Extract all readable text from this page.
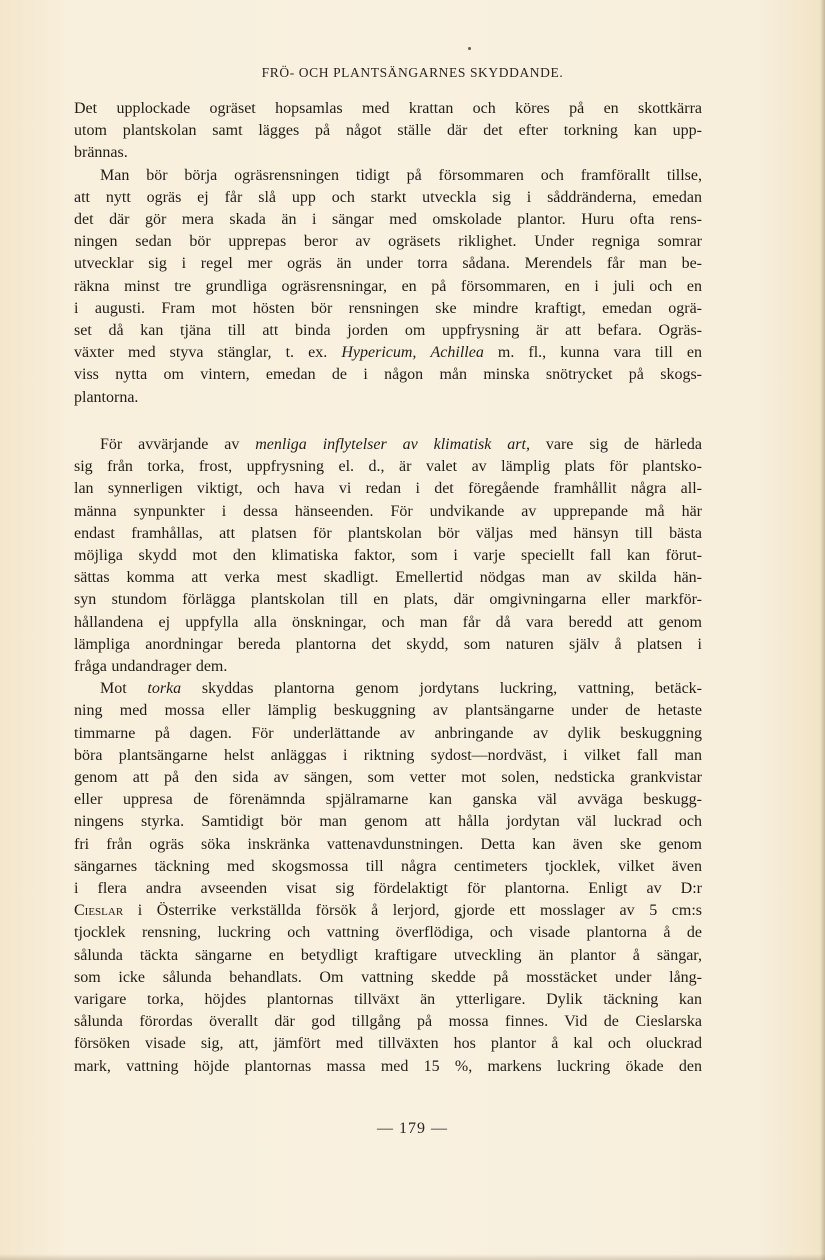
FRÖ- OCH PLANTSÄNGARNES SKYDDANDE.
Det upplockade ogräset hopsamlas med krattan och köres på en skottkärra
utom plantskolan samt lägges på något ställe där det efter torkning kan upp-
brännas.
Man bör börja ogräsrensningen tidigt på försommaren och framförallt tillse,
att nytt ogräs ej får slå upp och starkt utveckla sig i såddränderna, emedan
det där gör mera skada än i sängar med omskolade plantor. Huru ofta rens-
ningen sedan bör upprepas beror av ogräsets riklighet. Under regniga somrar
utvecklar sig i regel mer ogräs än under torra sådana. Merendels får man be-
räkna minst tre grundliga ogräsrensningar, en på försommaren, en i juli och en
i augusti. Fram mot hösten bör rensningen ske mindre kraftigt, emedan ogrä-
set då kan tjäna till att binda jorden om uppfrysning är att befara. Ogräs-
växter med styva stänglar, t. ex. Hypericum, Achillea m. fl., kunna vara till en
viss nytta om vintern, emedan de i någon mån minska snötrycket på skogs-
plantorna.
För avvärjande av menliga inflytelser av klimatisk art, vare sig de härleda
sig från torka, frost, uppfrysning el. d., är valet av lämplig plats för plantsko-
lan synnerligen viktigt, och hava vi redan i det föregående framhållit några all-
männa synpunkter i dessa hänseenden. För undvikande av upprepande må här
endast framhållas, att platsen för plantskolan bör väljas med hänsyn till bästa
möjliga skydd mot den klimatiska faktor, som i varje speciellt fall kan förut-
sättas komma att verka mest skadligt. Emellertid nödgas man av skilda hän-
syn stundom förlägga plantskolan till en plats, där omgivningarna eller markför-
hållandena ej uppfylla alla önskningar, och man får då vara beredd att genom
lämpliga anordningar bereda plantorna det skydd, som naturen själv å platsen i
fråga undandrager dem.
Mot torka skyddas plantorna genom jordytans luckring, vattning, betäck-
ning med mossa eller lämplig beskuggning av plantsängarne under de hetaste
timmarne på dagen. För underlättande av anbringande av dylik beskuggning
böra plantsängarne helst anläggas i riktning sydost—nordväst, i vilket fall man
genom att på den sida av sängen, som vetter mot solen, nedsticka grankvistar
eller uppresa de förenämnda spjälramarne kan ganska väl avväga beskugg-
ningens styrka. Samtidigt bör man genom att hålla jordytan väl luckrad och
fri från ogräs söka inskränka vattenavdunstningen. Detta kan även ske genom
sängarnes täckning med skogsmossa till några centimeters tjocklek, vilket även
i flera andra avseenden visat sig fördelaktigt för plantorna. Enligt av D:r
Cieslar i Österrike verkställda försök å lerjord, gjorde ett mosslager av 5 cm:s
tjocklek rensning, luckring och vattning överflödiga, och visade plantorna å de
sålunda täckta sängarne en betydligt kraftigare utveckling än plantor å sängar,
som icke sålunda behandlats. Om vattning skedde på mosstäcket under lång-
varigare torka, höjdes plantornas tillväxt än ytterligare. Dylik täckning kan
sålunda förordas överallt där god tillgång på mossa finnes. Vid de Cieslarska
försöken visade sig, att, jämfört med tillväxten hos plantor å kal och oluckrad
mark, vattning höjde plantornas massa med 15 %, markens luckring ökade den
— 179 —
